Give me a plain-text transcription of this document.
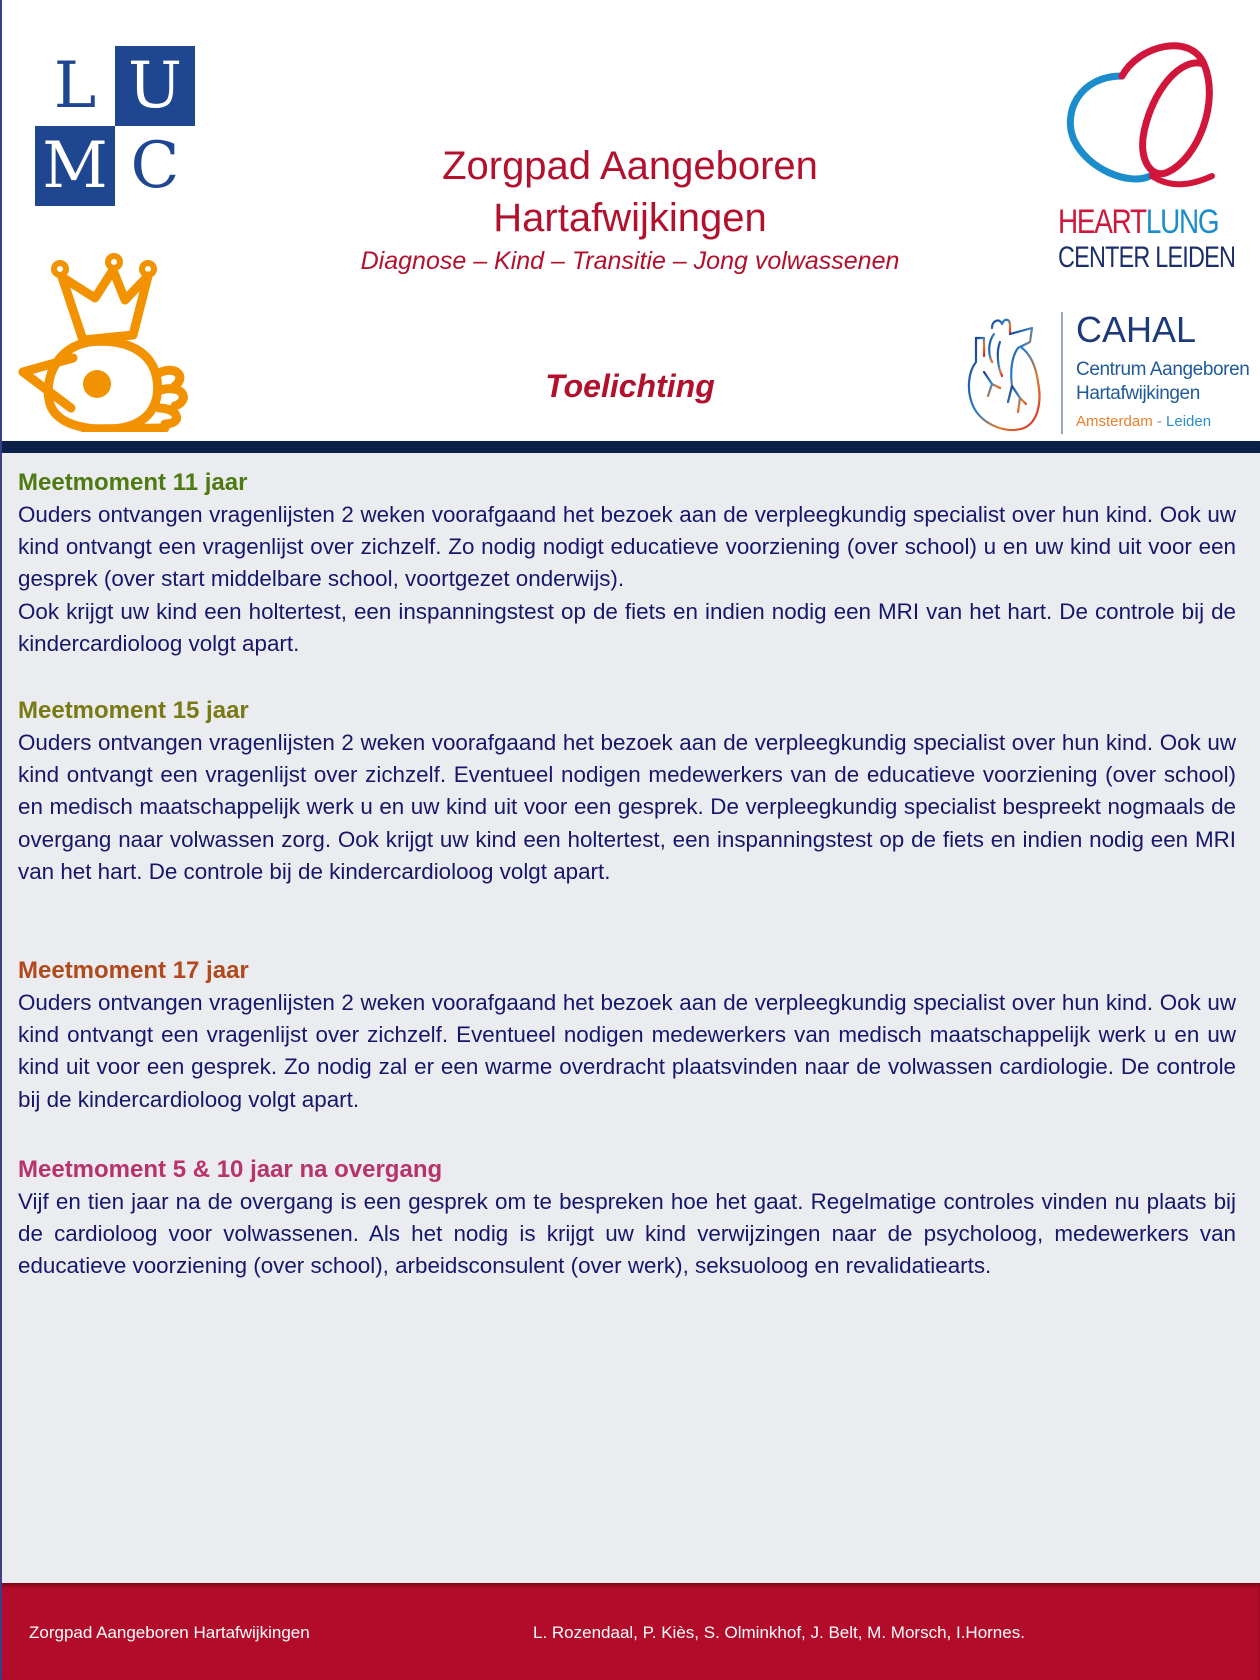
L U
M C	Zorgpad Aangeboren
Hartafwijkingen
Diagnose – Kind – Transitie – Jong volwassenen
Toelichting
HEARTLUNG
CENTER LEIDEN
CAHAL
Centrum Aangeboren
Hartafwijkingen
Amsterdam - Leiden
Meetmoment 11 jaar

Ouders ontvangen vragenlijsten 2 weken voorafgaand het bezoek aan de verpleegkundig specialist over hun kind. Ook uw kind ontvangt een vragenlijst over zichzelf. Zo nodig nodigt educatieve voorziening (over school) u en uw kind uit voor een gesprek (over start middelbare school, voortgezet onderwijs).

Ook krijgt uw kind een holtertest, een inspanningstest op de fiets en indien nodig een MRI van het hart. De controle bij de kindercardioloog volgt apart.

Meetmoment 15 jaar

Ouders ontvangen vragenlijsten 2 weken voorafgaand het bezoek aan de verpleegkundig specialist over hun kind. Ook uw kind ontvangt een vragenlijst over zichzelf. Eventueel nodigen medewerkers van de educatieve voorziening (over school) en medisch maatschappelijk werk u en uw kind uit voor een gesprek. De verpleegkundig specialist bespreekt nogmaals de overgang naar volwassen zorg. Ook krijgt uw kind een holtertest, een inspanningstest op de fiets en indien nodig een MRI van het hart. De controle bij de kindercardioloog volgt apart.

Meetmoment 17 jaar

Ouders ontvangen vragenlijsten 2 weken voorafgaand het bezoek aan de verpleegkundig specialist over hun kind. Ook uw kind ontvangt een vragenlijst over zichzelf. Eventueel nodigen medewerkers van medisch maatschappelijk werk u en uw kind uit voor een gesprek. Zo nodig zal er een warme overdracht plaatsvinden naar de volwassen cardiologie. De controle bij de kindercardioloog volgt apart.

Meetmoment 5 & 10 jaar na overgang

Vijf en tien jaar na de overgang is een gesprek om te bespreken hoe het gaat. Regelmatige controles vinden nu plaats bij de cardioloog voor volwassenen. Als het nodig is krijgt uw kind verwijzingen naar de psycholoog, medewerkers van educatieve voorziening (over school), arbeidsconsulent (over werk), seksuoloog en revalidatiearts.

Zorgpad Aangeboren Hartafwijkingen	L. Rozendaal, P. Kiès, S. Olminkhof, J. Belt, M. Morsch, I.Hornes.
